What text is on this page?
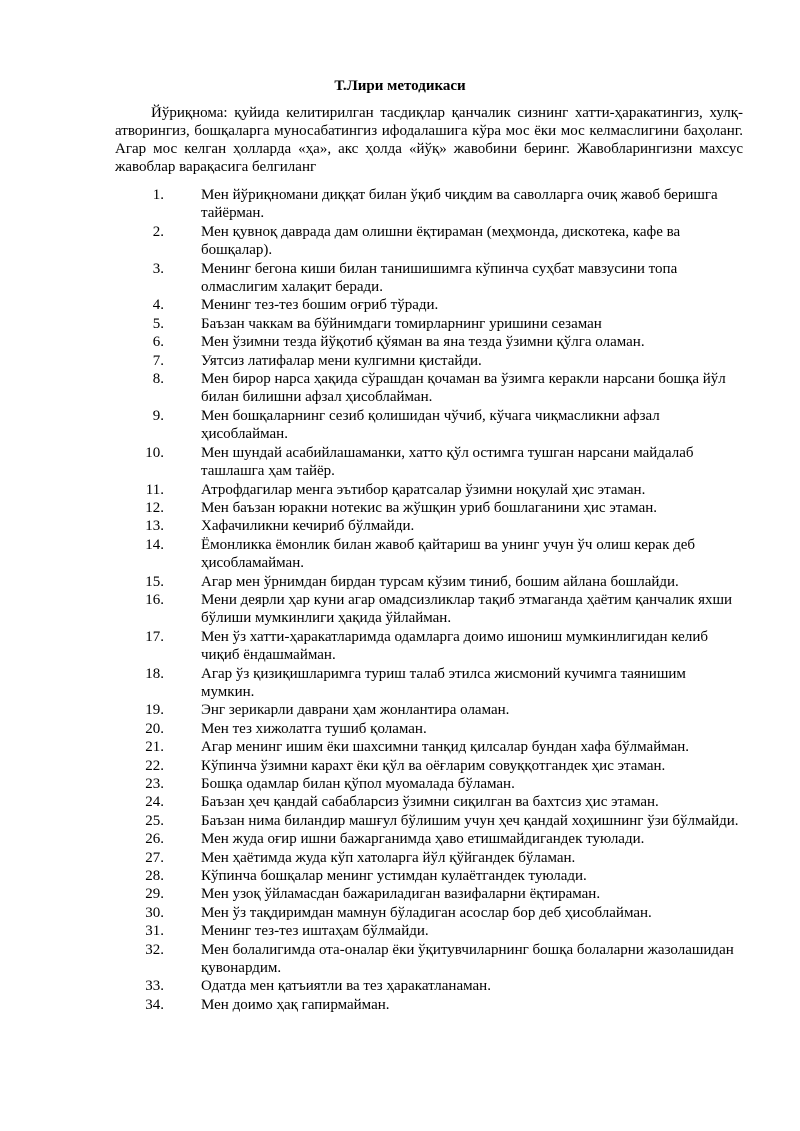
Т.Лири методикаси

Йўриқнома: қуйида келитирилган тасдиқлар қанчалик сизнинг хатти-ҳаракатингиз, хулқ-атворингиз, бошқаларга муносабатингиз ифодалашига кўра мос ёки мос келмаслигини баҳоланг. Агар мос келган ҳолларда «ҳа», акс ҳолда «йўқ» жавобини беринг. Жавобларингизни махсус жавоблар варақасига белгиланг

1. Мен йўриқномани диққат билан ўқиб чиқдим ва саволларга очиқ жавоб беришга тайёрман.
2. Мен қувноқ даврада дам олишни ёқтираман (меҳмонда, дискотека, кафе ва бошқалар).
3. Менинг бегона киши билан танишишимга кўпинча суҳбат мавзусини топа олмаслигим халақит беради.
4. Менинг тез-тез бошим оғриб тўради.
5. Баъзан чаккам ва бўйнимдаги томирларнинг уришини сезаман
6. Мен ўзимни тезда йўқотиб қўяман ва яна тезда ўзимни қўлга оламан.
7. Уятсиз латифалар мени кулгимни қистайди.
8. Мен бирор нарса ҳақида сўрашдан қочаман ва ўзимга керакли нарсани бошқа йўл билан билишни афзал ҳисоблайман.
9. Мен бошқаларнинг сезиб қолишидан чўчиб, кўчага чиқмасликни афзал ҳисоблайман.
10. Мен шундай асабийлашаманки, хатто қўл остимга тушган нарсани майдалаб ташлашга ҳам тайёр.
11. Атрофдагилар менга эътибор қаратсалар ўзимни ноқулай ҳис этаман.
12. Мен баъзан юракни нотекис ва жўшқин уриб бошлаганини ҳис этаман.
13. Хафачиликни кечириб бўлмайди.
14. Ёмонликка ёмонлик билан жавоб қайтариш ва унинг учун ўч олиш керак деб ҳисобламайман.
15. Агар мен ўрнимдан бирдан турсам кўзим тиниб, бошим айлана бошлайди.
16. Мени деярли ҳар куни агар омадсизликлар тақиб этмаганда ҳаётим қанчалик яхши бўлиши мумкинлиги ҳақида ўйлайман.
17. Мен ўз хатти-ҳаракатларимда одамларга доимо ишониш мумкинлигидан келиб чиқиб ёндашмайман.
18. Агар ўз қизиқишларимга туриш талаб этилса жисмоний кучимга таянишим мумкин.
19. Энг зерикарли даврани ҳам жонлантира оламан.
20. Мен тез хижолатга тушиб қоламан.
21. Агар менинг ишим ёки шахсимни танқид қилсалар бундан хафа бўлмайман.
22. Кўпинча ўзимни карахт ёки қўл ва оёғларим совуққотгандек ҳис этаман.
23. Бошқа одамлар билан қўпол муомалада бўламан.
24. Баъзан ҳеч қандай сабабларсиз ўзимни сиқилган ва бахтсиз ҳис этаман.
25. Баъзан нима биландир машғул бўлишим учун ҳеч қандай хоҳишнинг ўзи бўлмайди.
26. Мен жуда оғир ишни бажарганимда ҳаво етишмайдигандек туюлади.
27. Мен ҳаётимда жуда кўп хатоларга йўл қўйгандек бўламан.
28. Кўпинча бошқалар менинг устимдан кулаётгандек туюлади.
29. Мен узоқ ўйламасдан бажариладиган вазифаларни ёқтираман.
30. Мен ўз тақдиримдан мамнун бўладиган асослар бор деб ҳисоблайман.
31. Менинг тез-тез иштаҳам бўлмайди.
32. Мен болалигимда ота-оналар ёки ўқитувчиларнинг бошқа болаларни жазолашидан қувонардим.
33. Одатда мен қатъиятли ва тез ҳаракатланаман.
34. Мен доимо ҳақ гапирмайман.
